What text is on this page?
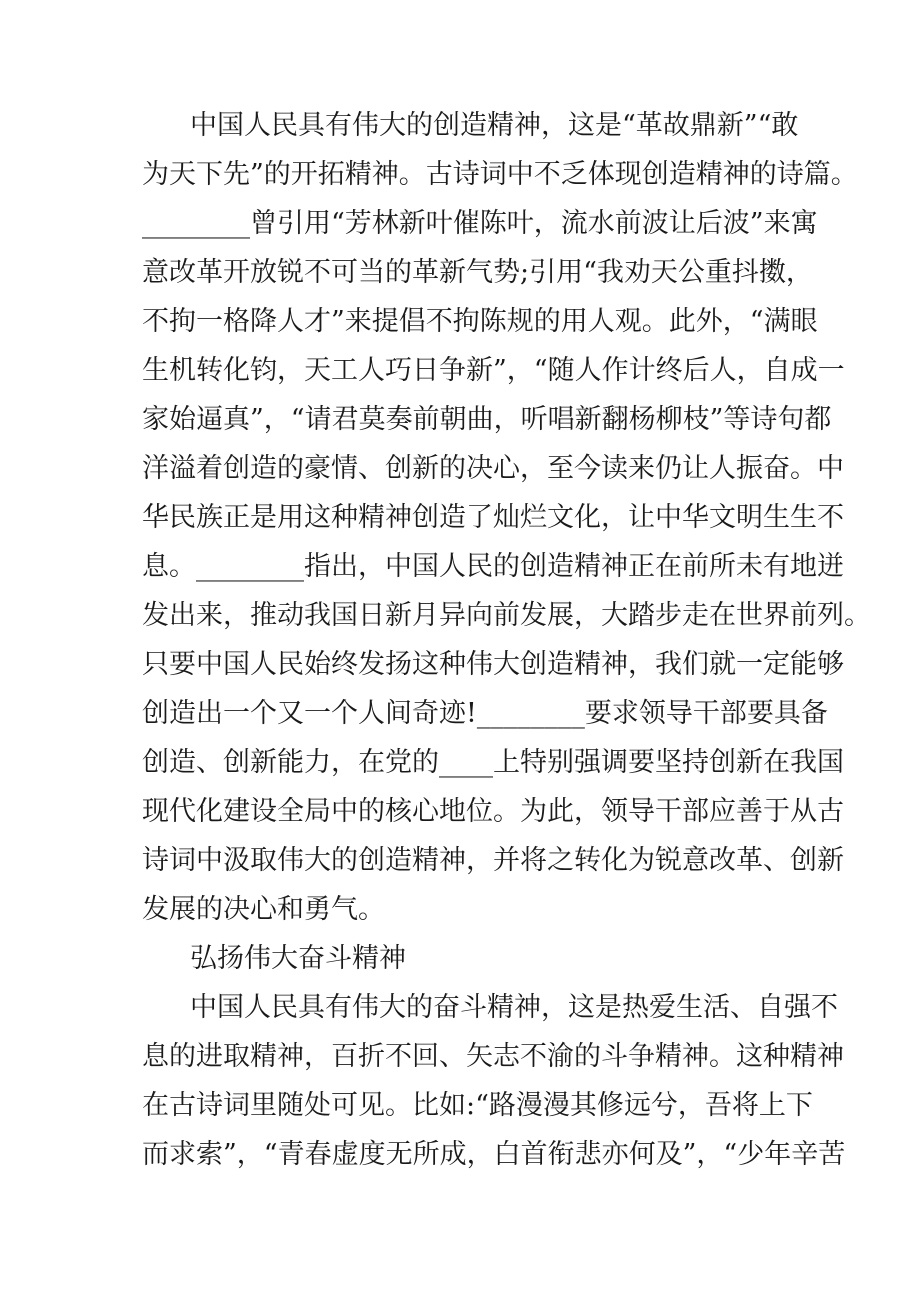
中国人民具有伟大的创造精神，这是“革故鼎新”“敢
为天下先”的开拓精神。古诗词中不乏体现创造精神的诗篇。
________曾引用“芳林新叶催陈叶，流水前波让后波”来寓
意改革开放锐不可当的革新气势;引用“我劝天公重抖擞，
不拘一格降人才”来提倡不拘陈规的用人观。此外，“满眼
生机转化钧，天工人巧日争新”，“随人作计终后人，自成一
家始逼真”，“请君莫奏前朝曲，听唱新翻杨柳枝”等诗句都
洋溢着创造的豪情、创新的决心，至今读来仍让人振奋。中
华民族正是用这种精神创造了灿烂文化，让中华文明生生不
息。________指出，中国人民的创造精神正在前所未有地迸
发出来，推动我国日新月异向前发展，大踏步走在世界前列。
只要中国人民始终发扬这种伟大创造精神，我们就一定能够
创造出一个又一个人间奇迹!________要求领导干部要具备
创造、创新能力，在党的____上特别强调要坚持创新在我国
现代化建设全局中的核心地位。为此，领导干部应善于从古
诗词中汲取伟大的创造精神，并将之转化为锐意改革、创新
发展的决心和勇气。
弘扬伟大奋斗精神
中国人民具有伟大的奋斗精神，这是热爱生活、自强不
息的进取精神，百折不回、矢志不渝的斗争精神。这种精神
在古诗词里随处可见。比如:“路漫漫其修远兮，吾将上下
而求索”，“青春虚度无所成，白首衔悲亦何及”，“少年辛苦
